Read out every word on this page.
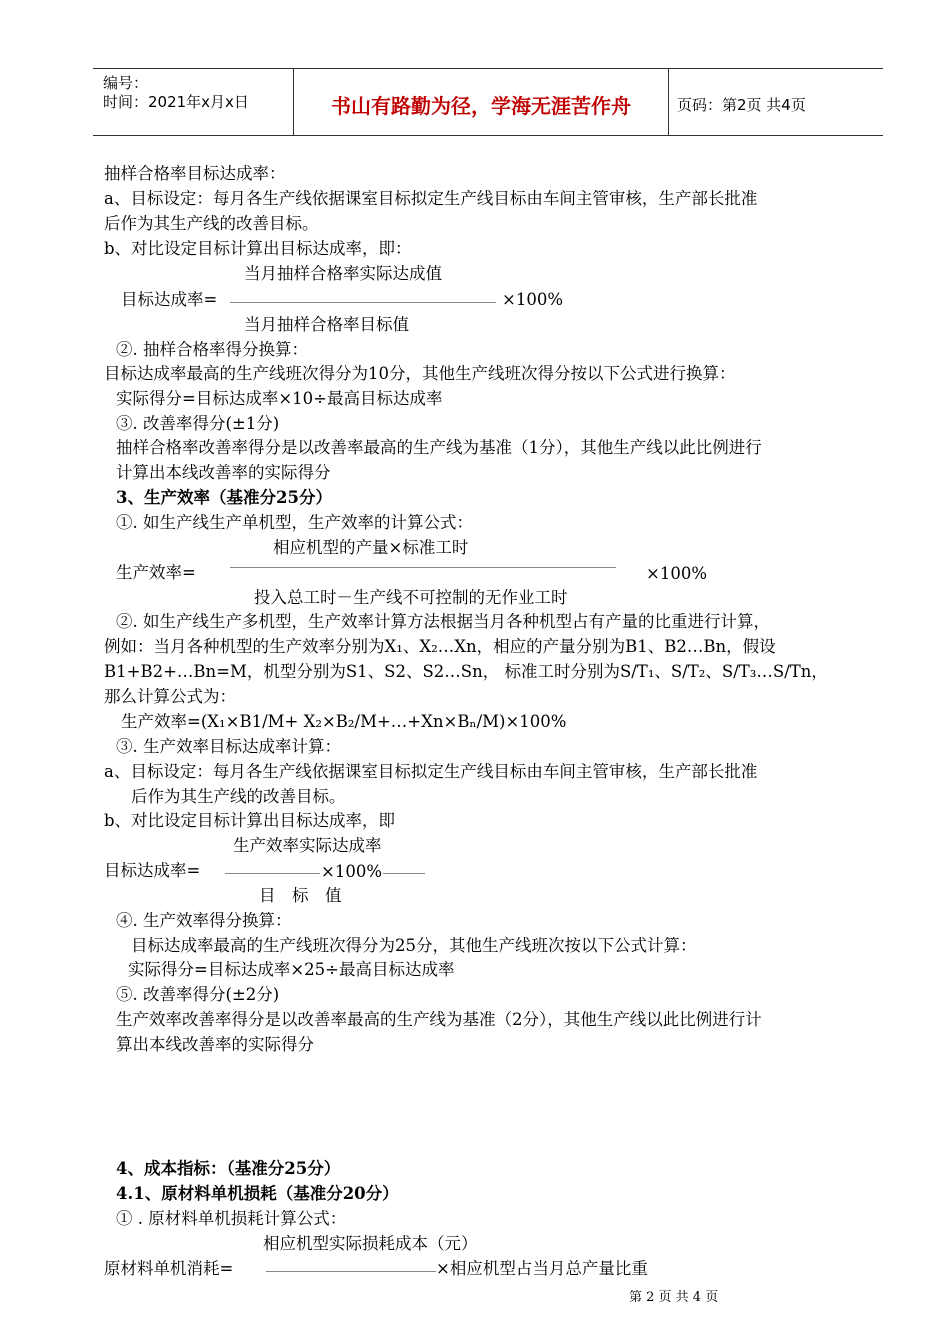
编号：
时间：2021年x月x日	书山有路勤为径，学海无涯苦作舟	页码：第2页 共4页
抽样合格率目标达成率：
a、目标设定：每月各生产线依据课室目标拟定生产线目标由车间主管审核，生产部长批准
后作为其生产线的改善目标。
b、对比设定目标计算出目标达成率，即：
当月抽样合格率实际达成值
目标达成率=	×100%
当月抽样合格率目标值
②. 抽样合格率得分换算：
目标达成率最高的生产线班次得分为10分，其他生产线班次得分按以下公式进行换算：
实际得分=目标达成率×10÷最高目标达成率
③. 改善率得分(±1分)
抽样合格率改善率得分是以改善率最高的生产线为基准（1分），其他生产线以此比例进行
计算出本线改善率的实际得分
3、生产效率（基准分25分）
①. 如生产线生产单机型，生产效率的计算公式：
相应机型的产量×标准工时
生产效率=	×100%
投入总工时－生产线不可控制的无作业工时
②. 如生产线生产多机型，生产效率计算方法根据当月各种机型占有产量的比重进行计算，
例如：当月各种机型的生产效率分别为X₁、X₂…Xn，相应的产量分别为B1、B2…Bn，假设
B1+B2+…Bn=M，机型分别为S1、S2、S2…Sn， 标准工时分别为S/T₁、S/T₂、S/T₃…S/Tn，
那么计算公式为：
生产效率=(X₁×B1/M+ X₂×B₂/M+…+Xn×Bₙ/M)×100%
③. 生产效率目标达成率计算：
a、目标设定：每月各生产线依据课室目标拟定生产线目标由车间主管审核，生产部长批准
后作为其生产线的改善目标。
b、对比设定目标计算出目标达成率，即
生产效率实际达成率
目标达成率=	×100%
目　标　值
④. 生产效率得分换算：
目标达成率最高的生产线班次得分为25分，其他生产线班次按以下公式计算：
实际得分=目标达成率×25÷最高目标达成率
⑤. 改善率得分(±2分)
生产效率改善率得分是以改善率最高的生产线为基准（2分），其他生产线以此比例进行计
算出本线改善率的实际得分
4、成本指标：（基准分25分）
4.1、原材料单机损耗（基准分20分）
① . 原材料单机损耗计算公式：
相应机型实际损耗成本（元）
原材料单机消耗=	×相应机型占当月总产量比重
第 2 页 共 4 页
